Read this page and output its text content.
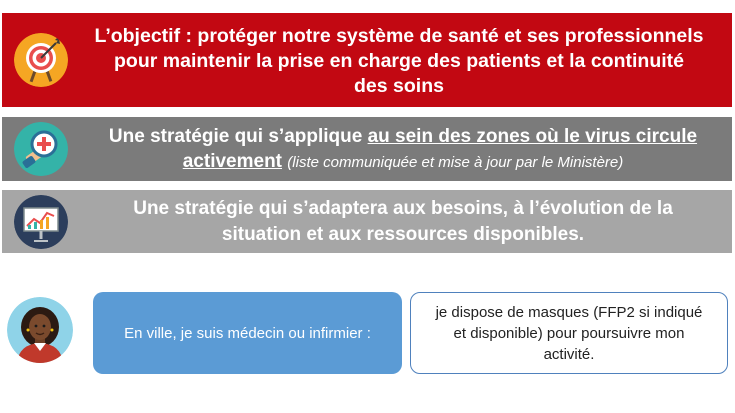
L’objectif : protéger notre système de santé et ses professionnels
pour maintenir la prise en charge des patients et la continuité
des soins
Une stratégie qui s’applique au sein des zones où le virus circule
activement (liste communiquée et mise à jour par le Ministère)
Une stratégie qui s’adaptera aux besoins, à l’évolution de la
situation et aux ressources disponibles.
En ville, je suis médecin ou infirmier :
je dispose de masques (FFP2 si indiqué
et disponible) pour poursuivre mon
activité.
